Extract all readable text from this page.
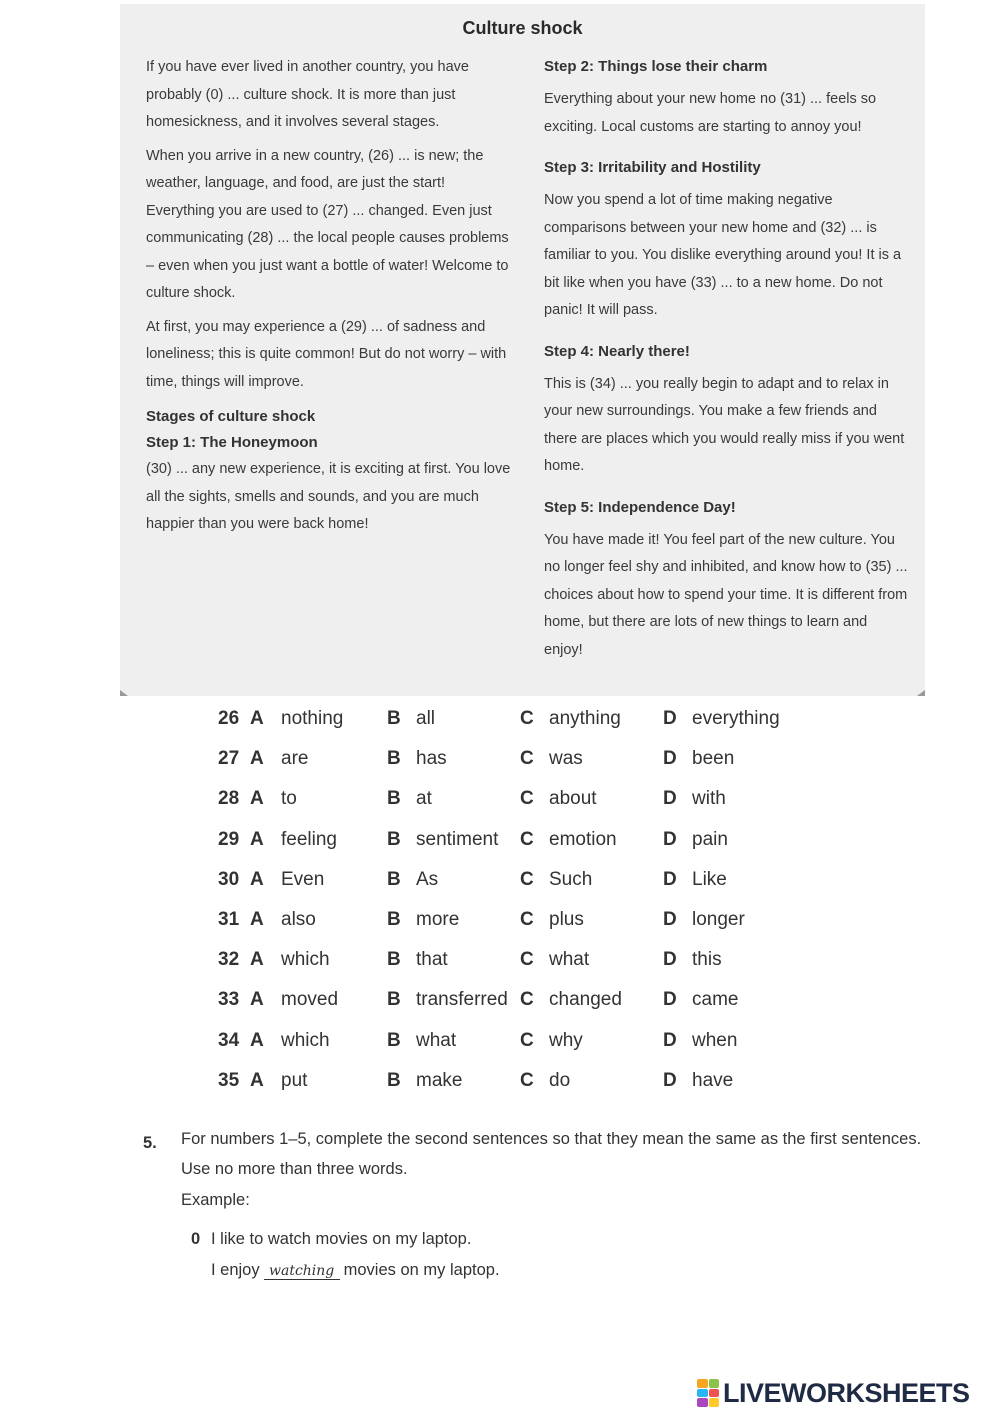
Culture shock

If you have ever lived in another country, you have probably (0) ... culture shock. It is more than just homesickness, and it involves several stages.

When you arrive in a new country, (26) ... is new; the weather, language, and food, are just the start! Everything you are used to (27) ... changed. Even just communicating (28) ... the local people causes problems – even when you just want a bottle of water! Welcome to culture shock.

At first, you may experience a (29) ... of sadness and loneliness; this is quite common! But do not worry – with time, things will improve.

Stages of culture shock
Step 1: The Honeymoon

(30) ... any new experience, it is exciting at first. You love all the sights, smells and sounds, and you are much happier than you were back home!

Step 2: Things lose their charm

Everything about your new home no (31) ... feels so exciting. Local customs are starting to annoy you!

Step 3: Irritability and Hostility

Now you spend a lot of time making negative comparisons between your new home and (32) ... is familiar to you. You dislike everything around you! It is a bit like when you have (33) ... to a new home. Do not panic! It will pass.

Step 4: Nearly there!

This is (34) ... you really begin to adapt and to relax in your new surroundings. You make a few friends and there are places which you would really miss if you went home.

Step 5: Independence Day!

You have made it! You feel part of the new culture. You no longer feel shy and inhibited, and know how to (35) ... choices about how to spend your time. It is different from home, but there are lots of new things to learn and enjoy!

26 A nothing B all	C anything D everything
27 A are	B has	C was	D been
28 A to	B at	C about	D with
29 A feeling	B sentiment C emotion D pain
30 A Even	B As	C Such	D Like
31 A also	B more	C plus	D longer
32 A which	B that	C what	D this
33 A moved	B transferred C changed D came
34 A which	B what	C why	D when
35 A put	B make	C do	D have
5. For numbers 1–5, complete the second sentences so that they mean the same as the first sentences.
Use no more than three words.
Example:
0 I like to watch movies on my laptop.
I enjoy watching movies on my laptop.
LIVEWORKSHEETS
